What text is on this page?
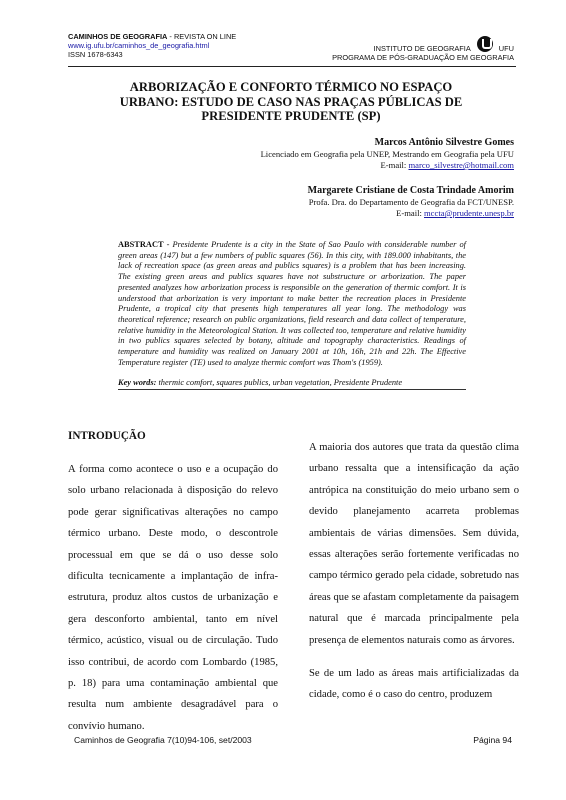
CAMINHOS DE GEOGRAFIA - REVISTA ON LINE
www.ig.ufu.br/caminhos_de_geografia.html
ISSN 1678-6343
INSTITUTO DE GEOGRAFIA	UFU
PROGRAMA DE PÓS-GRADUAÇÃO EM GEOGRAFIA
ARBORIZAÇÃO E CONFORTO TÉRMICO NO ESPAÇO
URBANO: ESTUDO DE CASO NAS PRAÇAS PÚBLICAS DE
PRESIDENTE PRUDENTE (SP)
Marcos Antônio Silvestre Gomes
Licenciado em Geografia pela UNEP, Mestrando em Geografia pela UFU
E-mail: marco_silvestre@hotmail.com
Margarete Cristiane de Costa Trindade Amorim
Profa. Dra. do Departamento de Geografia da FCT/UNESP.
E-mail: mccta@prudente.unesp.br
ABSTRACT - Presidente Prudente is a city in the State of Sao Paulo with considerable number of green areas (147) but a few numbers of public squares (56). In this city, with 189.000 inhabitants, the lack of recreation space (as green areas and publics squares) is a problem that has been increasing. The existing green areas and publics squares have not substructure or arborization. The paper presented analyzes how arborization process is responsible on the generation of thermic comfort. It is understood that arborization is very important to make better the recreation places in Presidente Prudente, a tropical city that presents high temperatures all year long. The methodology was theoretical reference; research on public organizations, field research and data collect of temperature, relative humidity in the Meteorological Station. It was collected too, temperature and relative humidity in two publics squares selected by botany, altitude and topography characteristics. Readings of temperature and humidity was realized on January 2001 at 10h, 16h, 21h and 22h. The Effective Temperature register (TE) used to analyze thermic comfort was Thom's (1959).
Key words: thermic comfort, squares publics, urban vegetation, Presidente Prudente
INTRODUÇÃO

A forma como acontece o uso e a ocupação do solo urbano relacionada à disposição do relevo pode gerar significativas alterações no campo térmico urbano. Deste modo, o descontrole processual em que se dá o uso desse solo dificulta tecnicamente a implantação de infra-estrutura, produz altos custos de urbanização e gera desconforto ambiental, tanto em nível térmico, acústico, visual ou de circulação. Tudo isso contribui, de acordo com Lombardo (1985, p. 18) para uma contaminação ambiental que resulta num ambiente desagradável para o convívio humano.

A maioria dos autores que trata da questão clima urbano ressalta que a intensificação da ação antrópica na constituição do meio urbano sem o devido planejamento acarreta problemas ambientais de várias dimensões. Sem dúvida, essas alterações serão fortemente verificadas no campo térmico gerado pela cidade, sobretudo nas áreas que se afastam completamente da paisagem natural que é marcada principalmente pela presença de elementos naturais como as árvores.

Se de um lado as áreas mais artificializadas da cidade, como é o caso do centro, produzem

Caminhos de Geografia 7(10)94-106, set/2003	Página 94
